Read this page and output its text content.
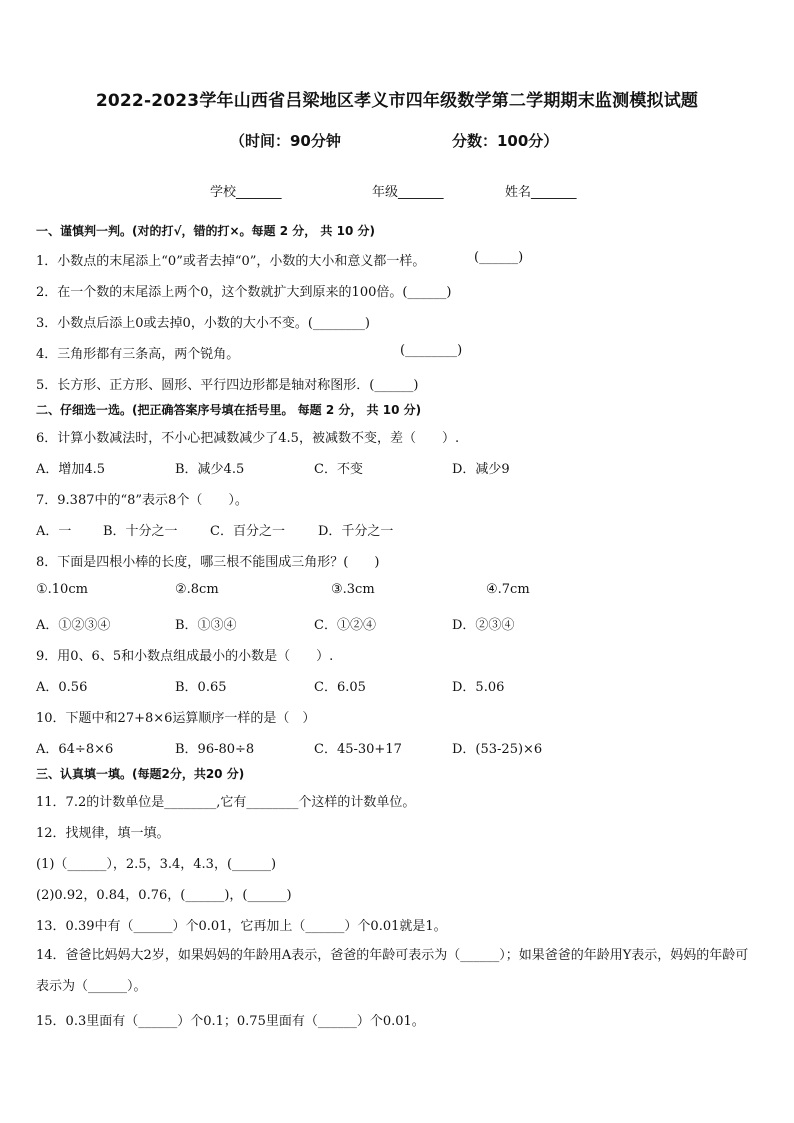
2022-2023学年山西省吕梁地区孝义市四年级数学第二学期期末监测模拟试题
（时间：90分钟	分数：100分）
学校_______	年级_______	姓名_______
一、谨慎判一判。(对的打√，错的打×。每题 2 分， 共 10 分)
1．小数点的末尾添上“0”或者去掉“0”，小数的大小和意义都一样。	(______)
2．在一个数的末尾添上两个0，这个数就扩大到原来的100倍。(______)
3．小数点后添上0或去掉0，小数的大小不变。(________)
4．三角形都有三条高，两个锐角。	(________)
5．长方形、正方形、圆形、平行四边形都是轴对称图形．(______)
二、仔细选一选。(把正确答案序号填在括号里。 每题 2 分， 共 10 分)
6．计算小数减法时，不小心把减数减少了4.5，被减数不变，差（　　）.
A．增加4.5	B．减少4.5	C．不变	D．减少9
7．9.387中的“8”表示8个（　　）。
A．一 B．十分之一 C．百分之一	D．千分之一
8．下面是四根小棒的长度，哪三根不能围成三角形？(　　)
①.10cm	②.8cm	③.3cm	④.7cm
A．①②③④	B．①③④	C．①②④	D．②③④
9．用0、6、5和小数点组成最小的小数是（　　）.
A．0.56	B．0.65	C．6.05	D．5.06
10．下题中和27+8×6运算顺序一样的是（　）
A．64÷8×6	B．96-80÷8	C．45-30+17	D．(53-25)×6
三、认真填一填。(每题2分，共20 分)
11．7.2的计数单位是________,它有________个这样的计数单位。
12．找规律，填一填。
(1)（______），2.5，3.4，4.3，(______)
(2)0.92，0.84，0.76，(______)，(______)
13．0.39中有（______）个0.01，它再加上（______）个0.01就是1。
14．爸爸比妈妈大2岁，如果妈妈的年龄用A表示，爸爸的年龄可表示为（______）；如果爸爸的年龄用Y表示，妈妈的年龄可表示为（______）。
15．0.3里面有（______）个0.1；0.75里面有（______）个0.01。
